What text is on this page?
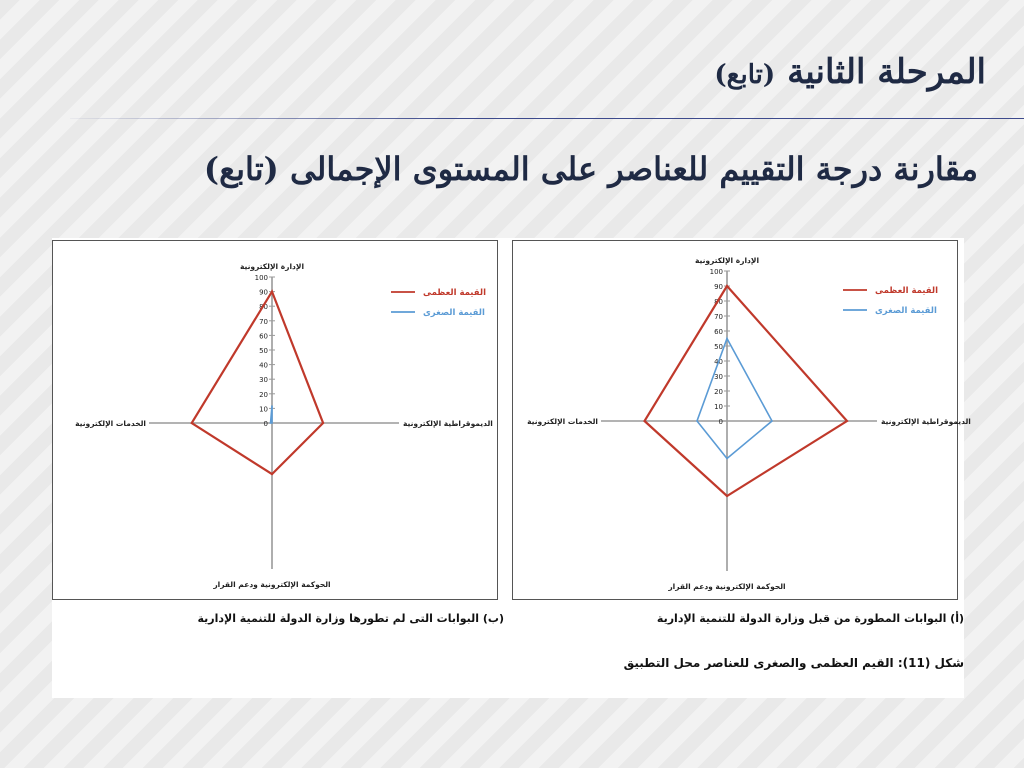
المرحلة الثانية (تابع)
مقارنة درجة التقييم للعناصر على المستوى الإجمالى (تابع)
0
10
20
30
40
50
60
70
80
90
100
الإدارة الإلكترونية
الديموقراطية الإلكترونية
الحوكمة الإلكترونية ودعم القرار
الخدمات الإلكترونية
القيمة العظمى
القيمة الصغرى
0
10
20
30
40
50
60
70
80
90
100
الإدارة الإلكترونية
الديموقراطية الإلكترونية
الحوكمة الإلكترونية ودعم القرار
الخدمات الإلكترونية
القيمة العظمى
القيمة الصغرى
(ب) البوابات التى لم تطورها وزارة الدولة للتنمية الإدارية	(أ) البوابات المطورة من قبل وزارة الدولة للتنمية الإدارية
شكل (11): القيم العظمى والصغرى للعناصر محل التطبيق
